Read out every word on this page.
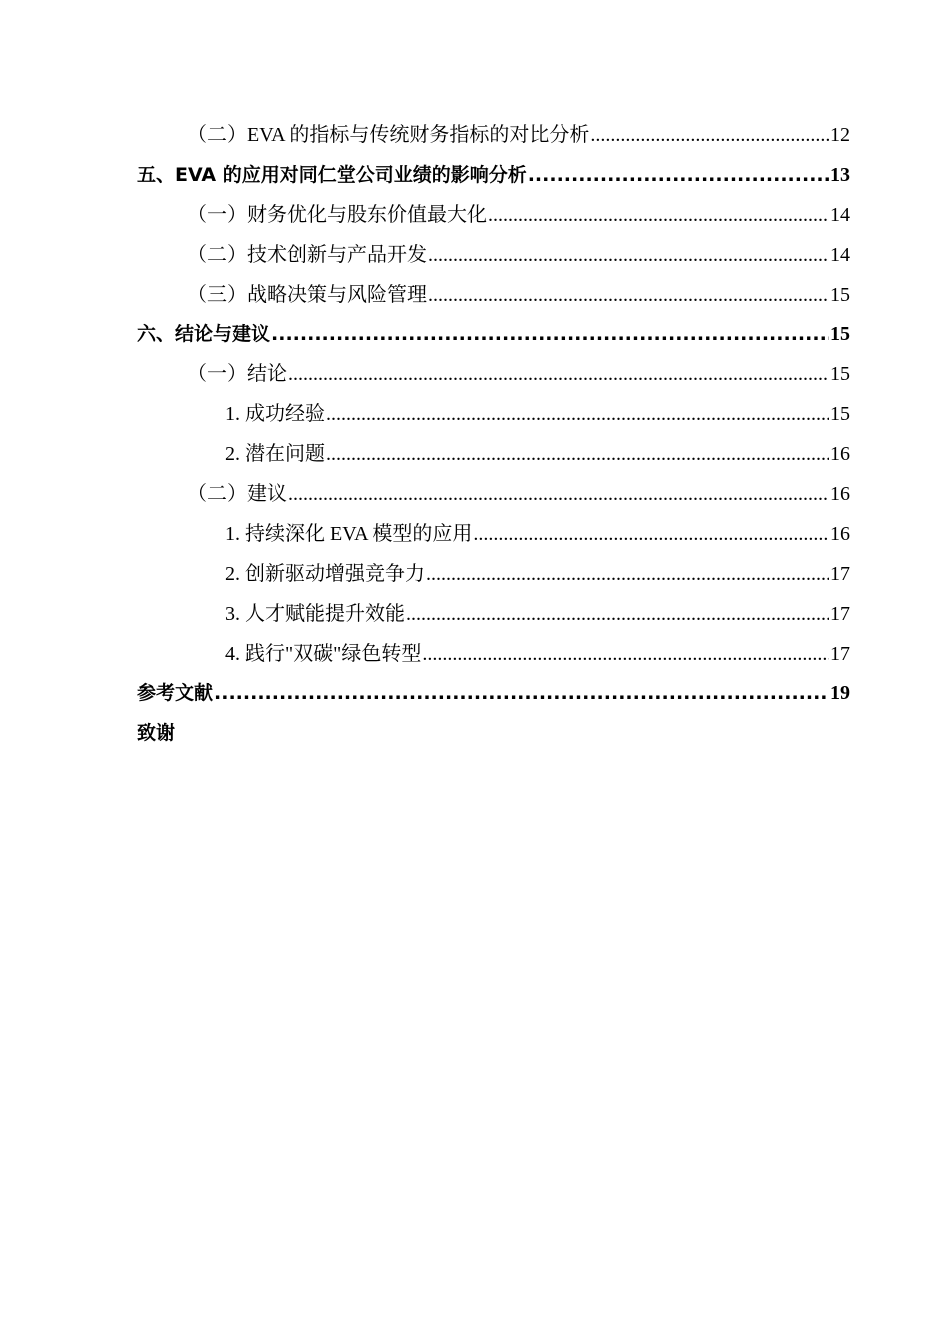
（二）EVA 的指标与传统财务指标的对比分析 .....	12
五、EVA 的应用对同仁堂公司业绩的影响分析 .....	13
（一）财务优化与股东价值最大化 .....	14
（二）技术创新与产品开发 .....	14
（三）战略决策与风险管理 .....	15
六、结论与建议 .....	15
（一）结论 .....	15
1. 成功经验 .....	15
2. 潜在问题 .....	16
（二）建议 .....	16
1. 持续深化 EVA 模型的应用 .....	16
2. 创新驱动增强竞争力 .....	17
3. 人才赋能提升效能 .....	17
4. 践行"双碳"绿色转型 .....	17
参考文献 .....	19
致谢
